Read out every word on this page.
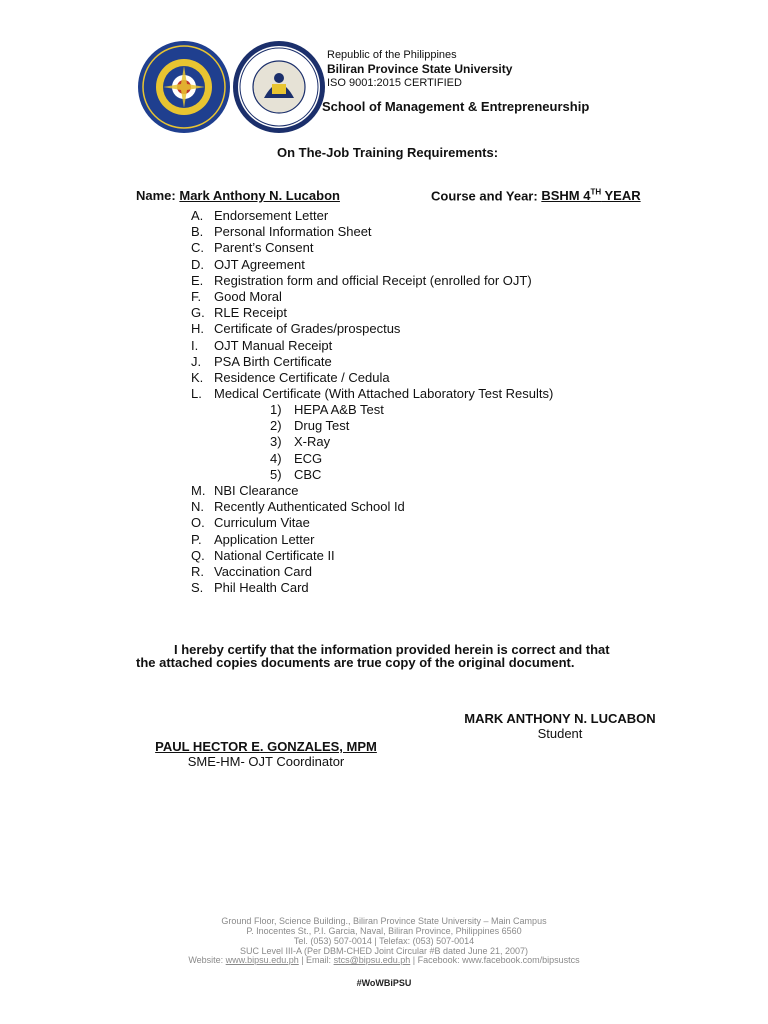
Republic of the Philippines
Biliran Province State University
ISO 9001:2015 CERTIFIED
School of Management & Entrepreneurship
On The-Job Training Requirements:
Name: Mark Anthony N. Lucabon	Course and Year: BSHM 4TH YEAR
A. Endorsement Letter
B. Personal Information Sheet
C. Parent’s Consent
D. OJT Agreement
E. Registration form and official Receipt (enrolled for OJT)
F. Good Moral
G. RLE Receipt
H. Certificate of Grades/prospectus
I. OJT Manual Receipt
J. PSA Birth Certificate
K. Residence Certificate / Cedula
L. Medical Certificate (With Attached Laboratory Test Results)
1) HEPA A&B Test
2) Drug Test
3) X-Ray
4) ECG
5) CBC
M. NBI Clearance
N. Recently Authenticated School Id
O. Curriculum Vitae
P. Application Letter
Q. National Certificate II
R. Vaccination Card
S. Phil Health Card
I hereby certify that the information provided herein is correct and that
the attached copies documents are true copy of the original document.
MARK ANTHONY N. LUCABON
Student
PAUL HECTOR E. GONZALES, MPM
SME-HM- OJT Coordinator
Ground Floor, Science Building., Biliran Province State University – Main Campus
P. Inocentes St., P.I. Garcia, Naval, Biliran Province, Philippines 6560
Tel. (053) 507-0014 | Telefax: (053) 507-0014
SUC Level III-A (Per DBM-CHED Joint Circular #B dated June 21, 2007)
Website: www.bipsu.edu.ph | Email: stcs@bipsu.edu.ph | Facebook: www.facebook.com/bipsustcs
#WoWBiPSU
